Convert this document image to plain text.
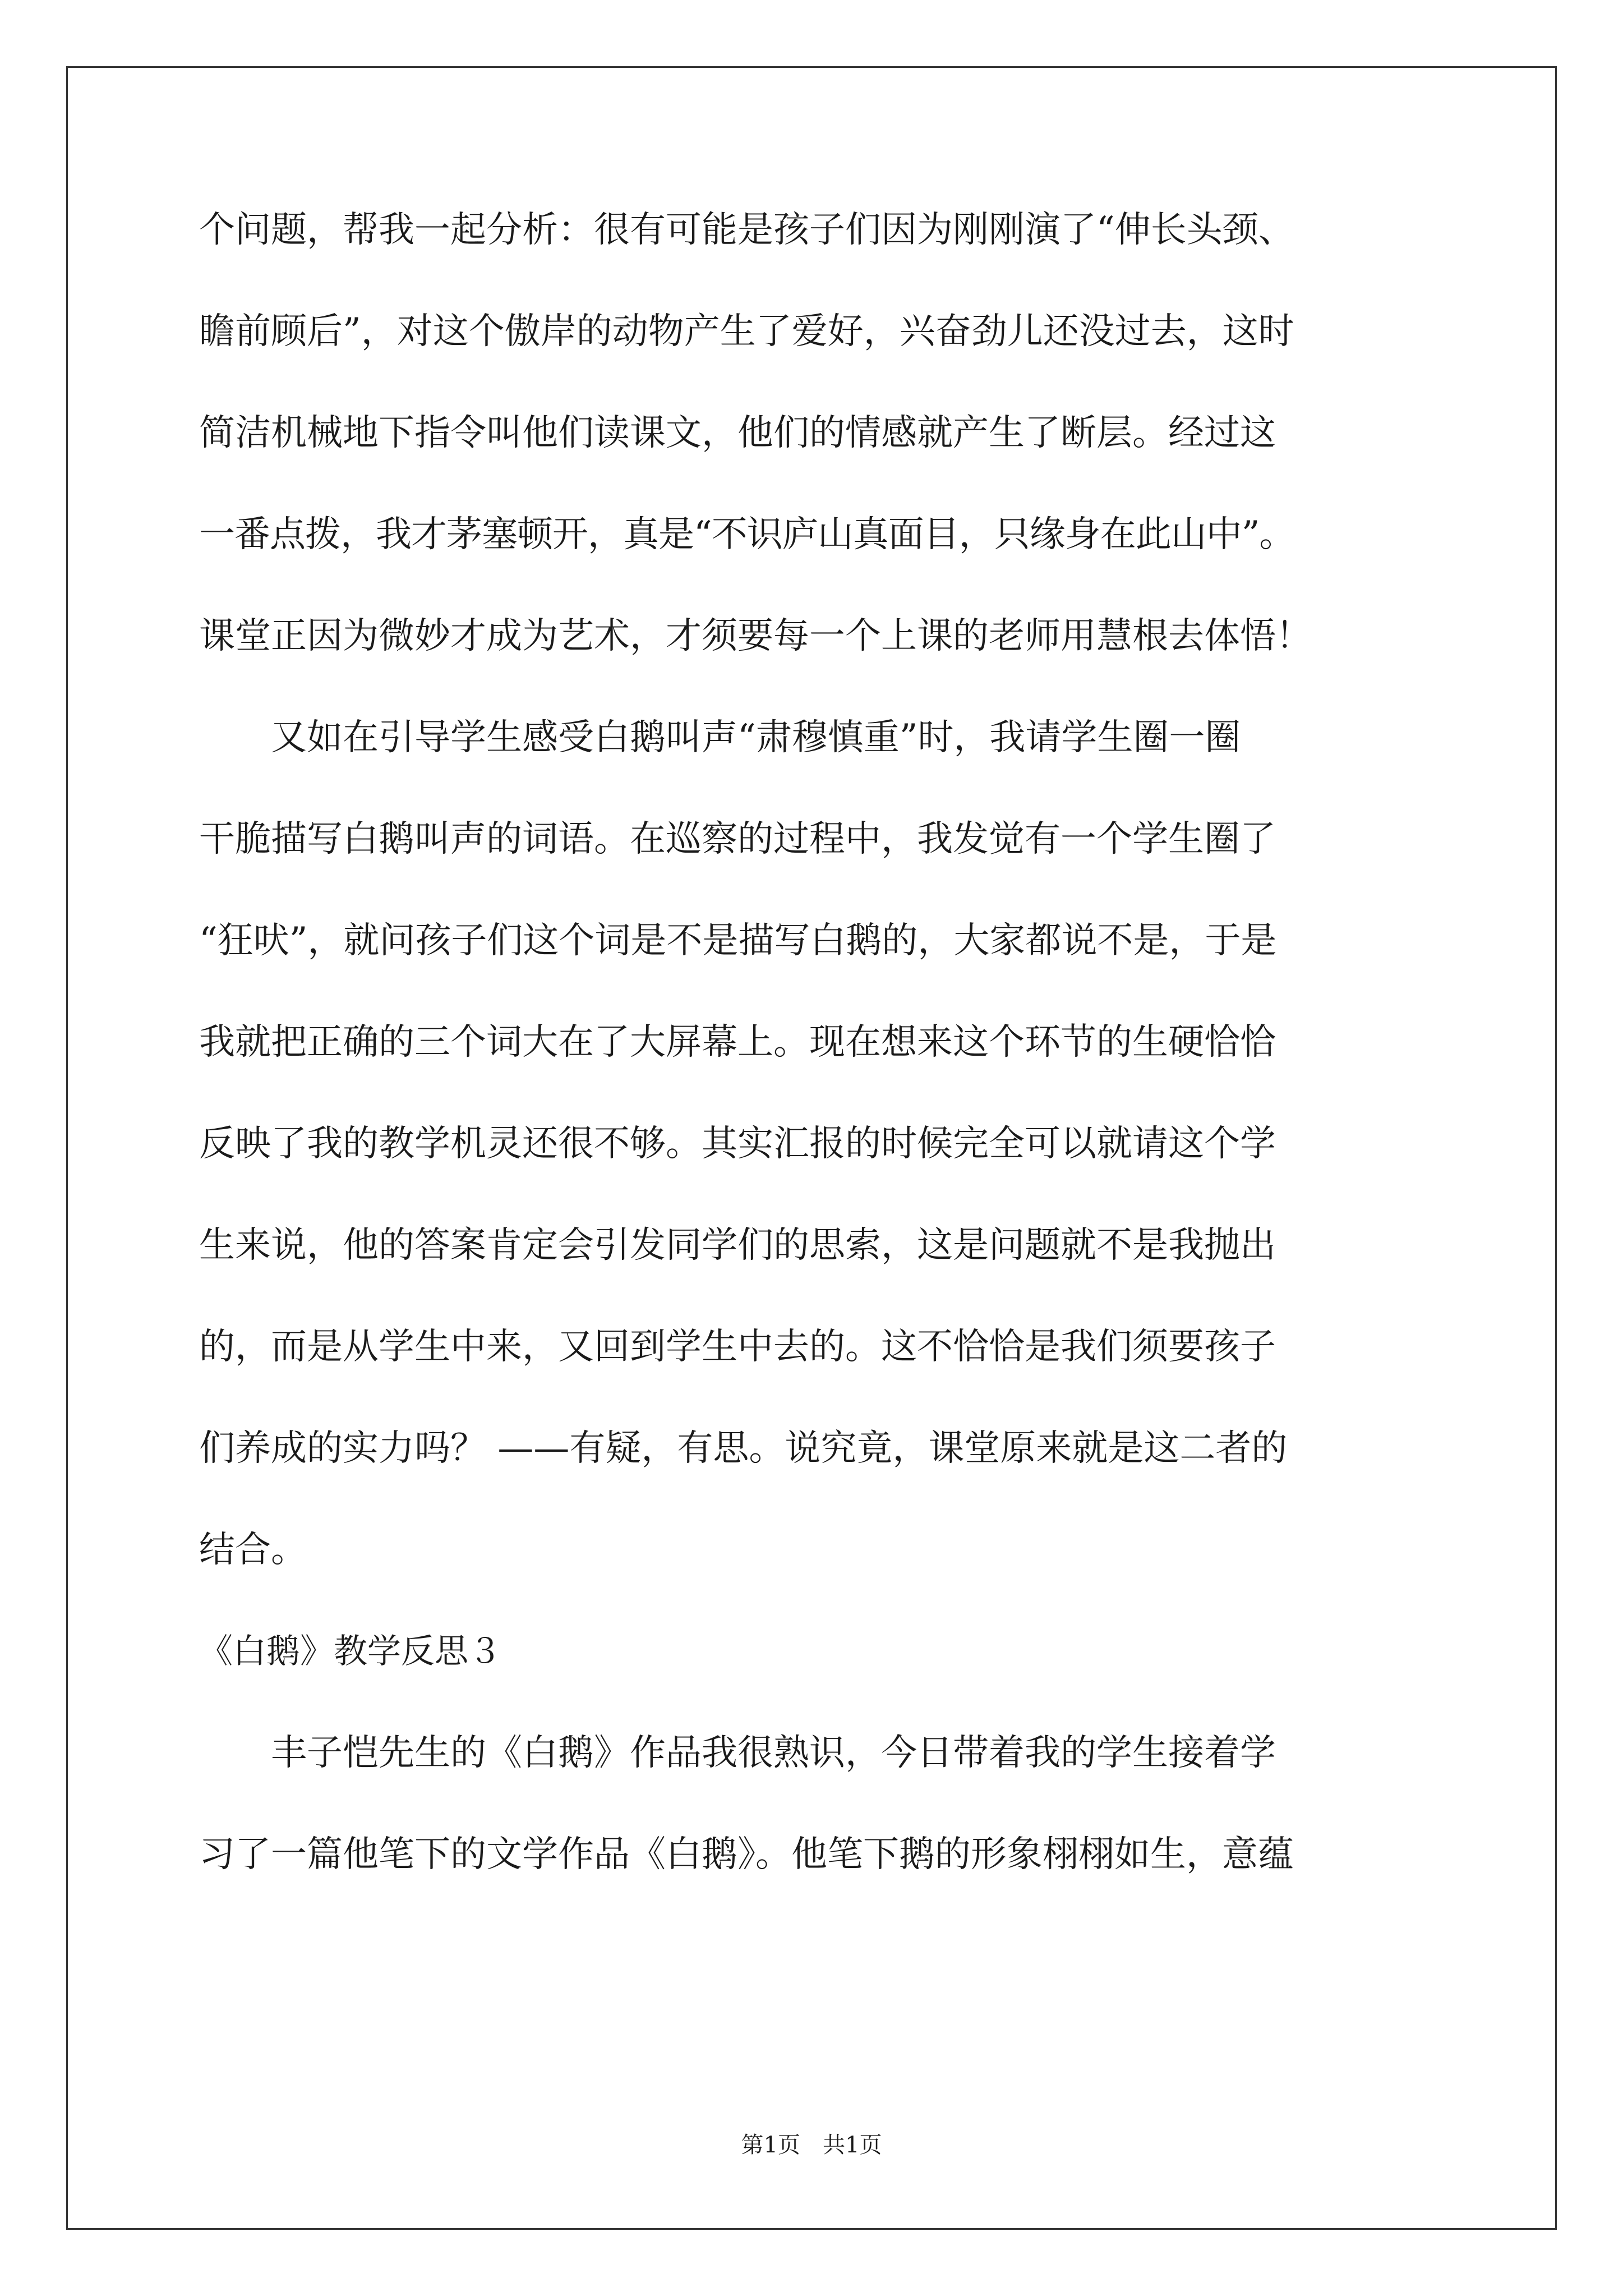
个问题，帮我一起分析：很有可能是孩子们因为刚刚演了“伸长头颈、
瞻前顾后”，对这个傲岸的动物产生了爱好，兴奋劲儿还没过去，这时
简洁机械地下指令叫他们读课文，他们的情感就产生了断层。经过这
一番点拨，我才茅塞顿开，真是“不识庐山真面目，只缘身在此山中”。
课堂正因为微妙才成为艺术，才须要每一个上课的老师用慧根去体悟！
　　又如在引导学生感受白鹅叫声“肃穆慎重”时，我请学生圈一圈
干脆描写白鹅叫声的词语。在巡察的过程中，我发觉有一个学生圈了
“狂吠”，就问孩子们这个词是不是描写白鹅的，大家都说不是，于是
我就把正确的三个词大在了大屏幕上。现在想来这个环节的生硬恰恰
反映了我的教学机灵还很不够。其实汇报的时候完全可以就请这个学
生来说，他的答案肯定会引发同学们的思索，这是问题就不是我抛出
的，而是从学生中来，又回到学生中去的。这不恰恰是我们须要孩子
们养成的实力吗？ ——有疑，有思。说究竟，课堂原来就是这二者的
结合。
《白鹅》教学反思３
　　丰子恺先生的《白鹅》作品我很熟识，今日带着我的学生接着学
习了一篇他笔下的文学作品《白鹅》。他笔下鹅的形象栩栩如生，意蕴
第1页　共1页
